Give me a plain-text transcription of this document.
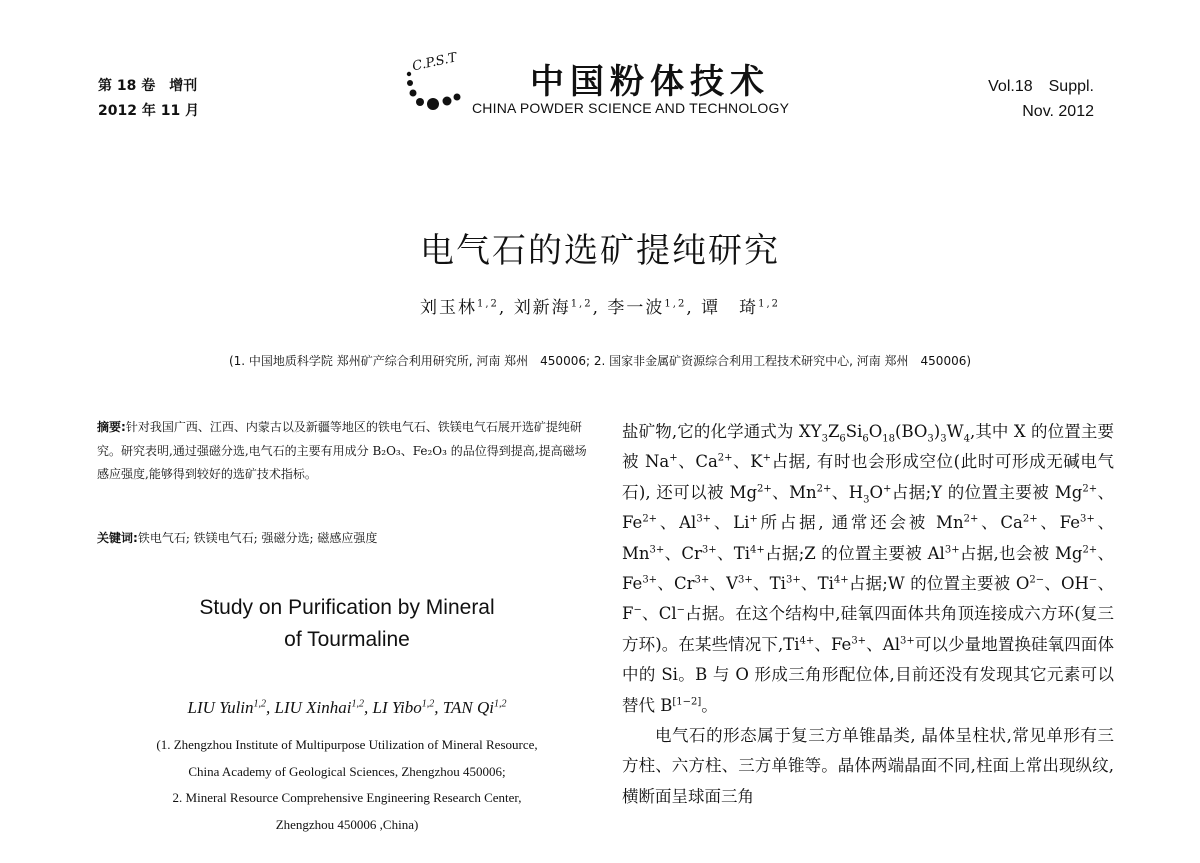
第 18 卷　增刊
2012 年 11 月
C.P.S.T 中国粉体技术
CHINA POWDER SCIENCE AND TECHNOLOGY
Vol.18　Suppl.
Nov. 2012
电气石的选矿提纯研究
刘玉林$^{1,2}$, 刘新海$^{1,2}$, 李一波$^{1,2}$, 谭　琦$^{1,2}$
(1. 中国地质科学院 郑州矿产综合利用研究所, 河南 郑州　450006; 2. 国家非金属矿资源综合利用工程技术研究中心, 河南 郑州　450006)
摘要:针对我国广西、江西、内蒙古以及新疆等地区的铁电气石、铁镁电气石展开选矿提纯研究。研究表明,通过强磁分选,电气石的主要有用成分 B₂O₃、Fe₂O₃ 的品位得到提高,提高磁场感应强度,能够得到较好的选矿技术指标。
关键词:铁电气石; 铁镁电气石; 强磁分选; 磁感应强度
Study on Purification by Mineral
of Tourmaline
LIU Yulin$^{1,2}$, LIU Xinhai$^{1,2}$, LI Yibo$^{1,2}$, TAN Qi$^{1,2}$
(1. Zhengzhou Institute of Multipurpose Utilization of Mineral Resource,
China Academy of Geological Sciences, Zhengzhou 450006;
2. Mineral Resource Comprehensive Engineering Research Center,
Zhengzhou 450006 ,China)

盐矿物,它的化学通式为 $XY_3Z_6Si_6O_{18}(BO_3)_3W_4$,其中 X 的位置主要被 Na+、$Ca^{2+}$、K+占据, 有时也会形成空位(此时可形成无碱电气石), 还可以被 $Mg^{2+}$、$Mn^{2+}$、$H_3O^+$占据;Y 的位置主要被 $Mg^{2+}$、$Fe^{2+}$、$Al^{3+}$、Li+所占据, 通常还会被 $Mn^{2+}$、$Ca^{2+}$、$Fe^{3+}$、$Mn^{3+}$、$Cr^{3+}$、$Ti^{4+}$占据;Z 的位置主要被 $Al^{3+}$占据,也会被 $Mg^{2+}$、$Fe^{3+}$、$Cr^{3+}$、$V^{3+}$、$Ti^{3+}$、$Ti^{4+}$占据;W 的位置主要被 $O^{2-}$、OH−、F−、Cl−占据。在这个结构中,硅氧四面体共角顶连接成六方环(复三方环)。在某些情况下$,Ti^{4+}$、$Fe^{3+}$、$Al^{3+}$可以少量地置换硅氧四面体中的 Si。B 与 O 形成三角形配位体,目前还没有发现其它元素可以替代 B[1−2]。

电气石的形态属于复三方单锥晶类, 晶体呈柱状,常见单形有三方柱、六方柱、三方单锥等。晶体两端晶面不同,柱面上常出现纵纹,横断面呈球面三角
